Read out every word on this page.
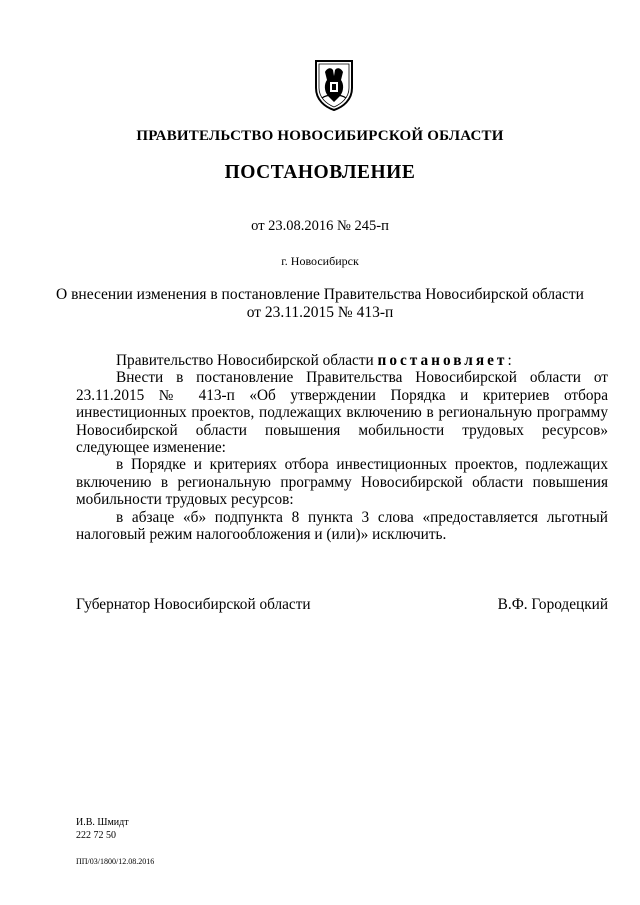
ПРАВИТЕЛЬСТВО НОВОСИБИРСКОЙ ОБЛАСТИ
ПОСТАНОВЛЕНИЕ
от 23.08.2016 № 245-п
г. Новосибирск
О внесении изменения в постановление Правительства Новосибирской области
от 23.11.2015 № 413-п

Правительство Новосибирской области постановляет:

Внести в постановление Правительства Новосибирской области от 23.11.2015 № 413-п «Об утверждении Порядка и критериев отбора инвестиционных проектов, подлежащих включению в региональную программу Новосибирской области повышения мобильности трудовых ресурсов» следующее изменение:

в Порядке и критериях отбора инвестиционных проектов, подлежащих включению в региональную программу Новосибирской области повышения мобильности трудовых ресурсов:

в абзаце «б» подпункта 8 пункта 3 слова «предоставляется льготный налоговый режим налогообложения и (или)» исключить.

Губернатор Новосибирской области	В.Ф. Городецкий
И.В. Шмидт
222 72 50
ПП/03/1800/12.08.2016
